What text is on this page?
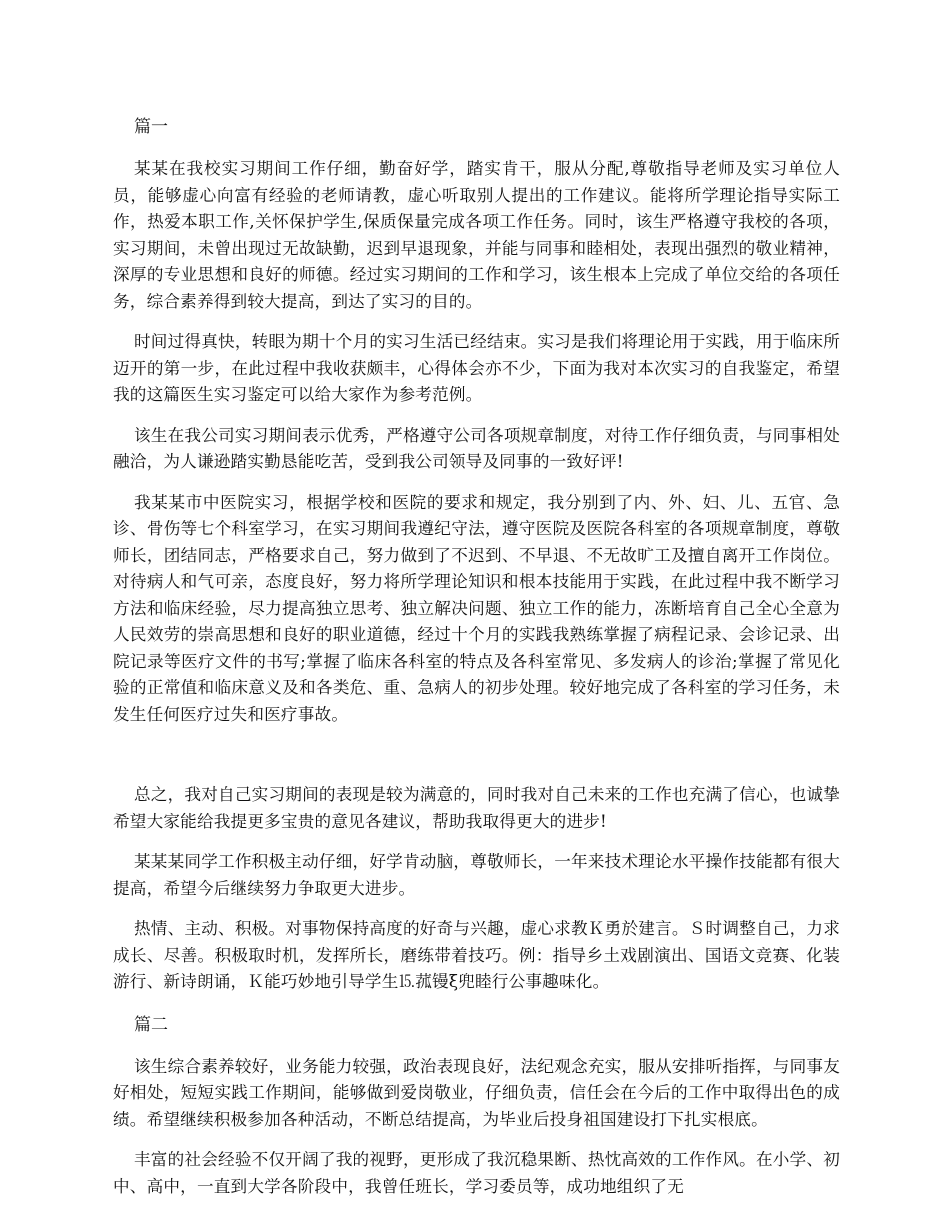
篇一

某某在我校实习期间工作仔细，勤奋好学，踏实肯干，服从分配,尊敬指导老师及实习单位人员，能够虚心向富有经验的老师请教，虚心听取别人提出的工作建议。能将所学理论指导实际工作，热爱本职工作,关怀保护学生,保质保量完成各项工作任务。同时，该生严格遵守我校的各项，实习期间，未曾出现过无故缺勤，迟到早退现象，并能与同事和睦相处，表现出强烈的敬业精神，深厚的专业思想和良好的师德。经过实习期间的工作和学习，该生根本上完成了单位交给的各项任务，综合素养得到较大提高，到达了实习的目的。

时间过得真快，转眼为期十个月的实习生活已经结束。实习是我们将理论用于实践，用于临床所迈开的第一步，在此过程中我收获颇丰，心得体会亦不少，下面为我对本次实习的自我鉴定，希望我的这篇医生实习鉴定可以给大家作为参考范例。

该生在我公司实习期间表示优秀，严格遵守公司各项规章制度，对待工作仔细负责，与同事相处融洽，为人谦逊踏实勤恳能吃苦，受到我公司领导及同事的一致好评!

我某某市中医院实习，根据学校和医院的要求和规定，我分别到了内、外、妇、儿、五官、急诊、骨伤等七个科室学习，在实习期间我遵纪守法，遵守医院及医院各科室的各项规章制度，尊敬师长，团结同志，严格要求自己，努力做到了不迟到、不早退、不无故旷工及擅自离开工作岗位。对待病人和气可亲，态度良好，努力将所学理论知识和根本技能用于实践，在此过程中我不断学习方法和临床经验，尽力提高独立思考、独立解决问题、独立工作的能力，冻断培育自己全心全意为人民效劳的崇高思想和良好的职业道德，经过十个月的实践我熟练掌握了病程记录、会诊记录、出院记录等医疗文件的书写;掌握了临床各科室的特点及各科室常见、多发病人的诊治;掌握了常见化验的正常值和临床意义及和各类危、重、急病人的初步处理。较好地完成了各科室的学习任务，未发生任何医疗过失和医疗事故。

总之，我对自己实习期间的表现是较为满意的，同时我对自己未来的工作也充满了信心，也诚挚希望大家能给我提更多宝贵的意见各建议，帮助我取得更大的进步!

某某某同学工作积极主动仔细，好学肯动脑，尊敬师长，一年来技术理论水平操作技能都有很大提高，希望今后继续努力争取更大进步。

热情、主动、积极。对事物保持高度的好奇与兴趣，虚心求教Ｋ勇於建言。Ｓ时调整自己，力求成长、尽善。积极取时机，发挥所长，磨练带着技巧。例：指导乡土戏剧演出、国语文竞赛、化装游行、新诗朗诵，Ｋ能巧妙地引导学生⒖菰镘ξ兜睦行公事趣味化。

篇二

该生综合素养较好，业务能力较强，政治表现良好，法纪观念充实，服从安排听指挥，与同事友好相处，短短实践工作期间，能够做到爱岗敬业，仔细负责，信任会在今后的工作中取得出色的成绩。希望继续积极参加各种活动，不断总结提高，为毕业后投身祖国建设打下扎实根底。

丰富的社会经验不仅开阔了我的视野，更形成了我沉稳果断、热忱高效的工作作风。在小学、初中、高中，一直到大学各阶段中，我曾任班长，学习委员等，成功地组织了无
